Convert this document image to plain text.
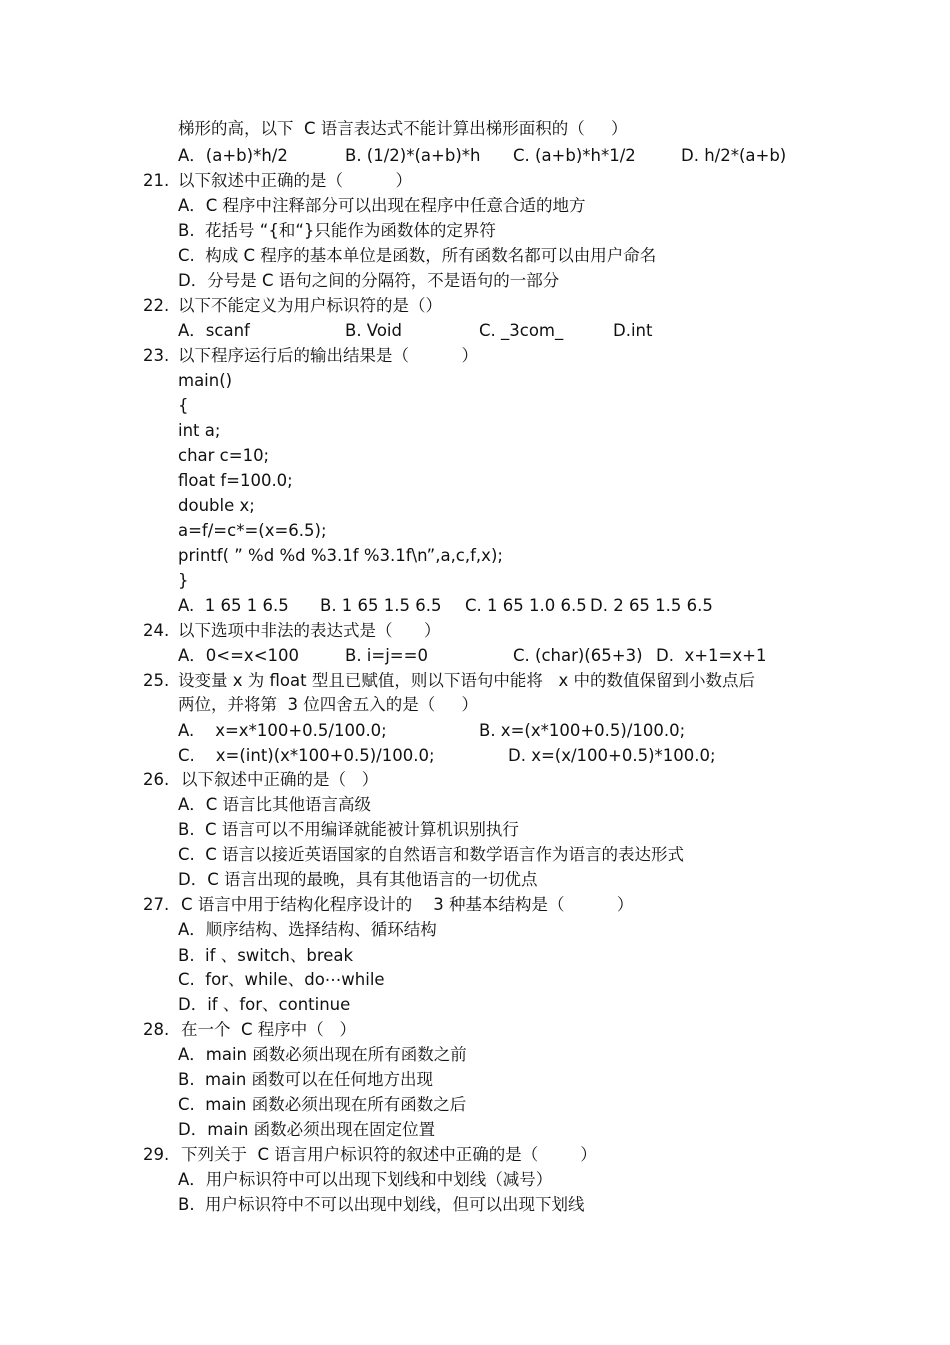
梯形的高，以下  C 语言表达式不能计算出梯形面积的（     ）
A．(a+b)*h/2	B. (1/2)*(a+b)*h C. (a+b)*h*1/2	D. h/2*(a+b)
21. 以下叙述中正确的是（          ）
A．C 程序中注释部分可以出现在程序中任意合适的地方
B.  花括号 “{和“}只能作为函数体的定界符
C.  构成 C 程序的基本单位是函数，所有函数名都可以由用户命名
D．分号是 C 语句之间的分隔符，不是语句的一部分
22. 以下不能定义为用户标识符的是（）
A．scanf	B. Void	C. _3com_	D.int
23. 以下程序运行后的输出结果是（          ）
main()
{
int a;
char c=10;
float f=100.0;
double x;
a=f/=c*=(x=6.5);
printf( ” %d %d %3.1f %3.1f\n”,a,c,f,x);
}
A.  1 65 1 6.5 B. 1 65 1.5 6.5 C. 1 65 1.0 6.5 D. 2 65 1.5 6.5
24. 以下选项中非法的表达式是（      ）
A．0<=x<100	B. i=j==0	C. (char)(65+3) D.  x+1=x+1
25. 设变量 x 为 float 型且已赋值，则以下语句中能将   x 中的数值保留到小数点后
两位，并将第  3 位四舍五入的是（     ）
A.    x=x*100+0.5/100.0;	B. x=(x*100+0.5)/100.0;
C.    x=(int)(x*100+0.5)/100.0;	D. x=(x/100+0.5)*100.0;
26. 以下叙述中正确的是（   ）
A．C 语言比其他语言高级
B.  C 语言可以不用编译就能被计算机识别执行
C.  C 语言以接近英语国家的自然语言和数学语言作为语言的表达形式
D．C 语言出现的最晚，具有其他语言的一切优点
27. C 语言中用于结构化程序设计的    3 种基本结构是（          ）
A．顺序结构、选择结构、循环结构
B.  if 、switch、break
C.  for、while、do⋯while
D．if 、for、continue
28. 在一个  C 程序中（   ）
A．main 函数必须出现在所有函数之前
B.  main 函数可以在任何地方出现
C.  main 函数必须出现在所有函数之后
D．main 函数必须出现在固定位置
29. 下列关于  C 语言用户标识符的叙述中正确的是（        ）
A．用户标识符中可以出现下划线和中划线（减号）
B.  用户标识符中不可以出现中划线，但可以出现下划线
